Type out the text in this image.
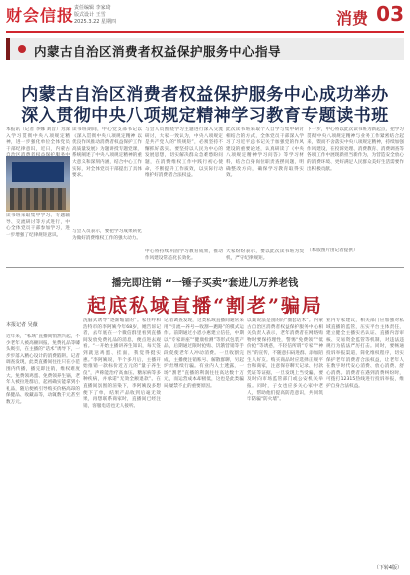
财会信报 责任编辑 李家琦
版式设计 王雪
2025.3.22 星期四	消费 03
内蒙古自治区消费者权益保护服务中心指导
内蒙古自治区消费者权益保护服务中心成功举办
深入贯彻中央八项规定精神学习教育专题读书班
本报讯（记者 李娜 刘旨）为深入学习贯彻中央八项规定精神，进一步强化单位全体党员干部纪律意识，近日，内蒙古
读书班采取集中学习、专题辅导、交流研讨等方式进行，中心全体党员干部参加学习，进一步增强了纪律规矩意识。
读书班期间，中心党支部书记以《深入贯彻中央八项规定精神 以优良作风推动消费者权益保护工作高质量发展》为题讲授专题党课，系统阐述了中央八项规定精神的重大意义和深刻内涵，结合中心工作实际，对全体党员干部提出了具体要求。
与会人员表示，要把学习成果转化为做好消费维权工作的强大动力。
与会人员围绕学习主题进行深入交流研讨，大家一致认为，中央八项规定是共产党人的“铁规矩”，必须坚持不懈抓好落实。要坚持以人民为中心的发展思想，切实解决群众急难愁盼问题，在消费维权工作中践行初心使命，不断提升工作质效，以实际行动维护好消费者合法权益。
中心将持续巩固学习教育成果，推动作风建设常态化长效化。
此次读书班采取个人自学与集中研讨相结合的方式，全体党员干部深入学习了习近平总书记关于加强党的作风建设的重要论述，认真研读了《中央八项规定精神学习问答》等学习材料，结合自身岗位职责查摆问题，明确整改方向，确保学习教育取得实效。
大家纷纷表示，要以此次读书班为契机，严守纪律规矩。
下一步，中心将以此次读书班为新起点，把学习贯彻中央八项规定精神与业务工作紧密结合起来，锲而不舍落实中央八项规定精神，持续加强作风建设，在投诉处理、消费教育、消费调查等各项工作中展现新担当新作为，为营造安全放心的消费环境、更好满足人民群众美好生活需要作出积极贡献。
（本版图片由记者提供）
播完即注销 “一锤子买卖”套进儿万养老钱
起底私域直播“割老”骗局
本报记者 吴薇
近年来，“私域”直播间悄然兴起，不少老年人被高额回报、免费礼品等噱头吸引，在主播的“话术”诱导下，一步步落入精心设计的消费陷阱。记者调查发现，此类直播间往往只在小范围内传播，播完即注销，维权难度大。免费领鸡蛋、免费领养生锅，老年人被拉进群后，起初确实能拿到小礼品，随后便被引导购买价格高昂的保健品、收藏品等，动辄数千元甚至数万元。
洗脑式诱导“逐渐缩量的”。家住呼和浩特市的李阿姨今年68岁，她告诉记者，去年底在一个微信群里看到直播间发放免费礼品的消息，便点进去观看。“一开始主播讲养生知识，每天签到就送鸡蛋、挂面，我觉得挺实惠。”李阿姨说，半个多月后，主播开始推销一款标价近万元的“量子养生仪”，声称能治疗高血压、糖尿病等多种疾病，并承诺“无效全额退款”。在直播间氛围的渲染下，李阿姨没多想便下了单，结果产品收到后毫无效果，再想联系商家时，直播间已经注销，客服电话也无人接听。
记者调查发现，这类私域直播间通常采用“引流—养号—收割—跑路”的模式运作。前期通过小恩小惠建立信任，中期以“专家讲座”“健康检测”等形式包装产品，后期通过限时抢购、饥饿营销等手段促使老年人冲动消费。一旦收割完成，主播便注销账号、解散群聊，另起炉灶继续行骗。有业内人士透露，一场“割老”直播的利润往往高达数十万元，而运营成本却极低，这也是此类骗局屡禁不止的重要原因。
以案说法是剖的的“圈套话术”。内蒙古自治区消费者权益保护服务中心相关负责人表示，老年消费者在网络购物时要保持理性，警惕“免费领”“低价抢”等诱惑，不轻信所谓“专家”“神医”的宣传，不随意扫码进群、添加陌生人好友。购买商品时应选择正规平台和商家，注意保存聊天记录、付款凭证等证据，一旦发现上当受骗，要及时向市场监管部门或公安机关举报。同时，子女也应多关心家中老人，帮助他们提高防范意识，共同筑牢防骗“防火墙”。
业内专家建议，相关部门应加强对私域直播的监管，压实平台主体责任，建立健全主播实名认证、直播内容审核、交易资金监管等机制，对违法违规行为依法严厉打击。同时，要畅通投诉举报渠道，简化维权程序，切实保护老年消费者合法权益，让老年人在数字时代安心消费、放心消费、舒心消费。消费者在遇到消费纠纷时，可拨打12315热线进行投诉举报，维护自身合法权益。
（下转4版）
